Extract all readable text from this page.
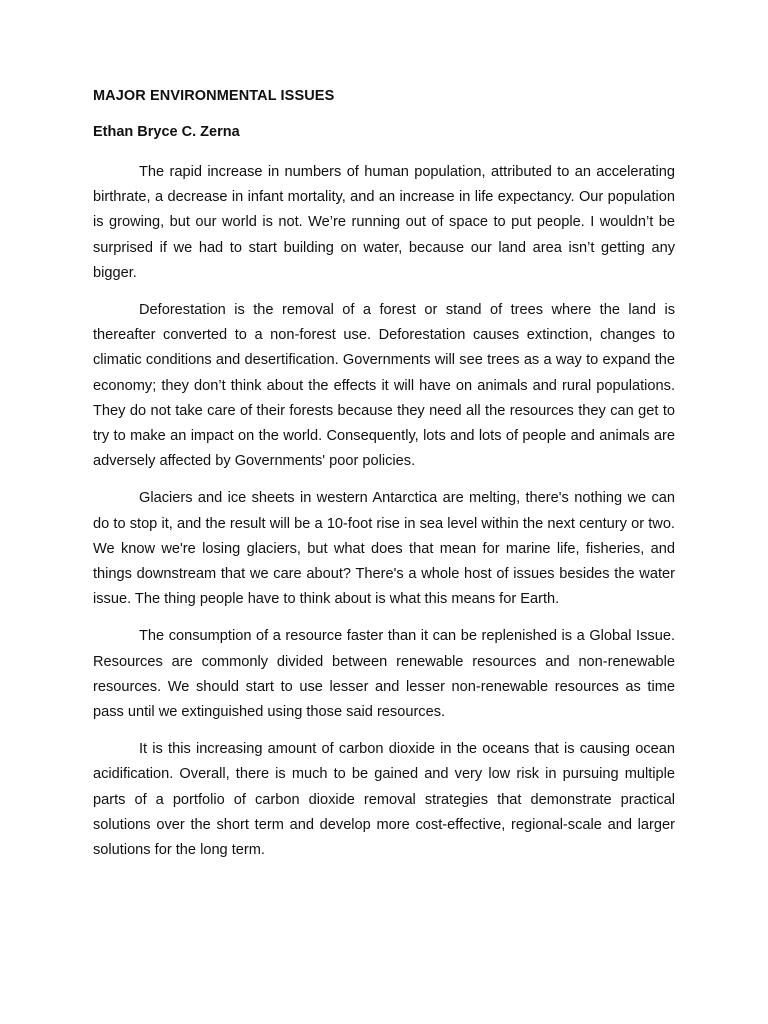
MAJOR ENVIRONMENTAL ISSUES
Ethan Bryce C. Zerna

The rapid increase in numbers of human population, attributed to an accelerating birthrate, a decrease in infant mortality, and an increase in life expectancy. Our population is growing, but our world is not. We’re running out of space to put people. I wouldn’t be surprised if we had to start building on water, because our land area isn’t getting any bigger.

Deforestation is the removal of a forest or stand of trees where the land is thereafter converted to a non-forest use. Deforestation causes extinction, changes to climatic conditions and desertification. Governments will see trees as a way to expand the economy; they don’t think about the effects it will have on animals and rural populations. They do not take care of their forests because they need all the resources they can get to try to make an impact on the world. Consequently, lots and lots of people and animals are adversely affected by Governments' poor policies.

Glaciers and ice sheets in western Antarctica are melting, there's nothing we can do to stop it, and the result will be a 10-foot rise in sea level within the next century or two. We know we're losing glaciers, but what does that mean for marine life, fisheries, and things downstream that we care about? There's a whole host of issues besides the water issue. The thing people have to think about is what this means for Earth.

The consumption of a resource faster than it can be replenished is a Global Issue. Resources are commonly divided between renewable resources and non-renewable resources. We should start to use lesser and lesser non-renewable resources as time pass until we extinguished using those said resources.

It is this increasing amount of carbon dioxide in the oceans that is causing ocean acidification. Overall, there is much to be gained and very low risk in pursuing multiple parts of a portfolio of carbon dioxide removal strategies that demonstrate practical solutions over the short term and develop more cost-effective, regional-scale and larger solutions for the long term.
